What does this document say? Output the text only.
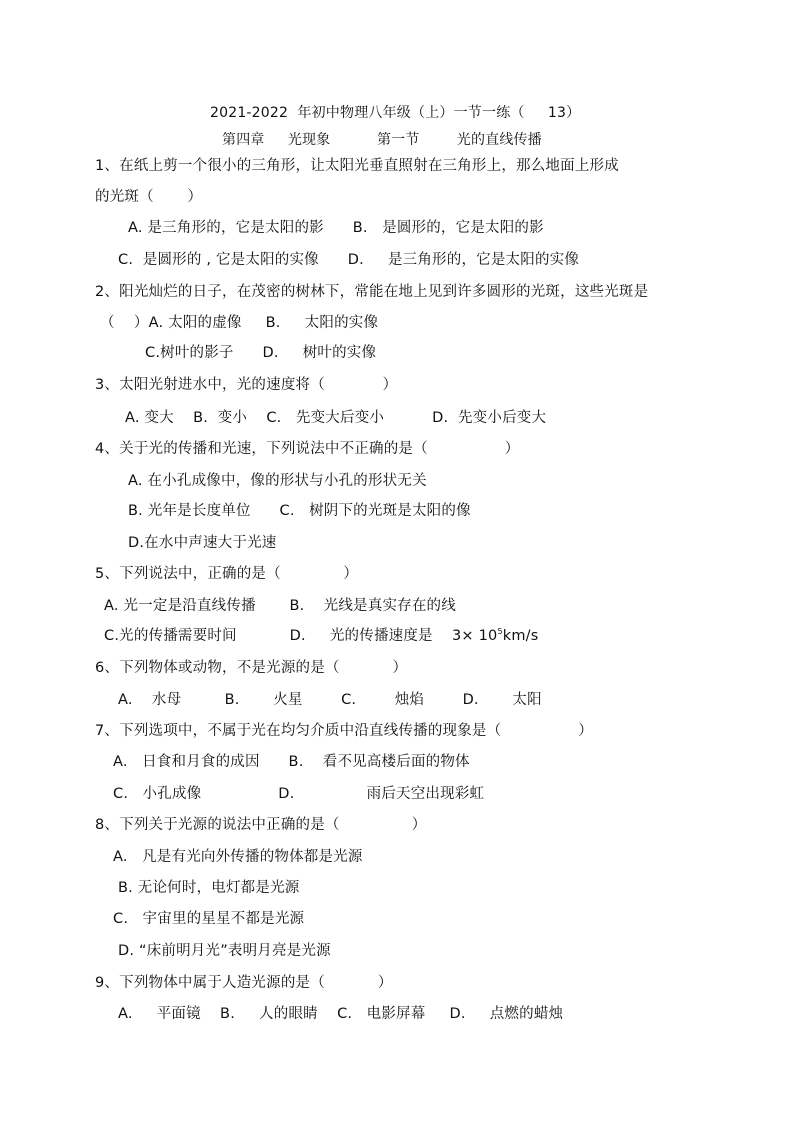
2021-2022  年初中物理八年级（上）一节一练（     13）
第四章     光现象          第一节        光的直线传播
1、在纸上剪一个很小的三角形，让太阳光垂直照射在三角形上，那么地面上形成
的光斑（       ）
A. 是三角形的，它是太阳的影      B.   是圆形的，它是太阳的影
C.  是圆形的 , 它是太阳的实像      D.     是三角形的，它是太阳的实像
2、阳光灿烂的日子，在茂密的树林下，常能在地上见到许多圆形的光斑，这些光斑是
（    ）A. 太阳的虚像     B.     太阳的实像
C.树叶的影子      D.     树叶的实像
3、太阳光射进水中，光的速度将（            ）
A. 变大    B.  变小    C.   先变大后变小          D.  先变小后变大
4、关于光的传播和光速，下列说法中不正确的是（                ）
A. 在小孔成像中，像的形状与小孔的形状无关
B. 光年是长度单位      C.   树阴下的光斑是太阳的像
D.在水中声速大于光速
5、下列说法中，正确的是（             ）
A. 光一定是沿直线传播       B.    光线是真实存在的线
C.光的传播需要时间           D.     光的传播速度是    $3\times 10^5km/s$
6、下列物体或动物，不是光源的是（           ）
A.    水母         B.       火星        C.        烛焰        D.       太阳
7、下列选项中，不属于光在均匀介质中沿直线传播的现象是（                ）
A.   日食和月食的成因      B.    看不见高楼后面的物体
C.   小孔成像                D.               雨后天空出现彩虹
8、下列关于光源的说法中正确的是（               ）
A.   凡是有光向外传播的物体都是光源
B. 无论何时，电灯都是光源
C.   宇宙里的星星不都是光源
D. “床前明月光”表明月亮是光源
9、下列物体中属于人造光源的是（           ）
A.     平面镜    B.     人的眼睛    C.   电影屏幕     D.     点燃的蜡烛
